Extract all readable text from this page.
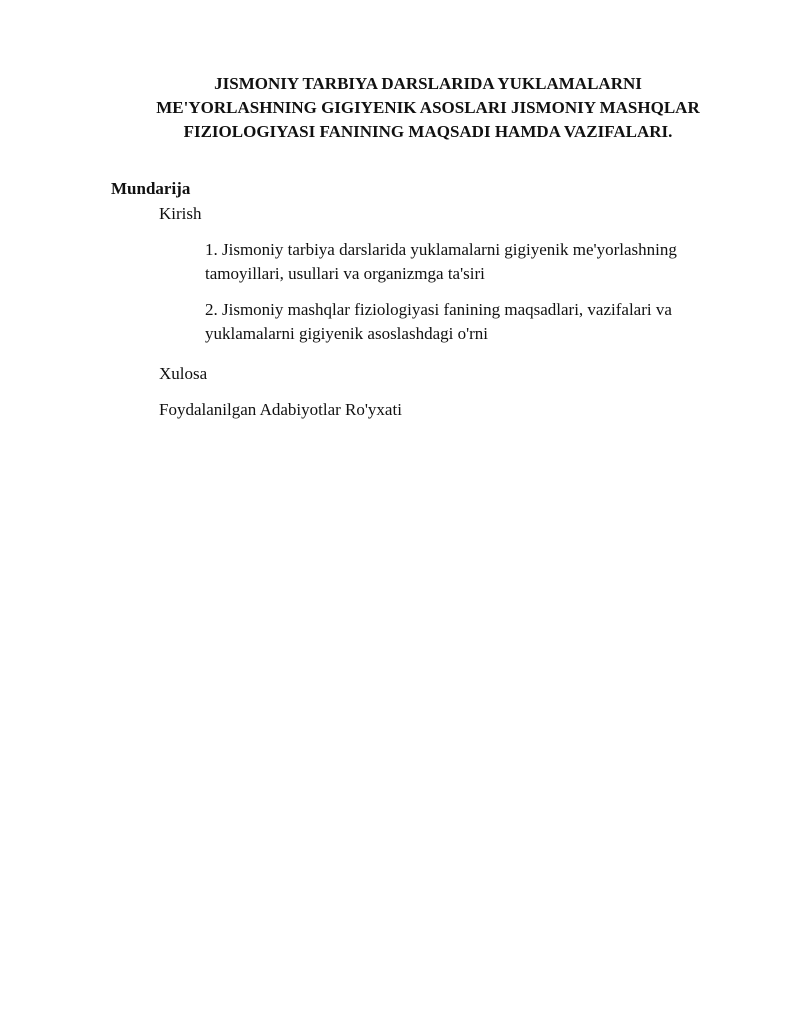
JISMONIY TARBIYA DARSLARIDA YUKLAMALARNI
ME'YORLASHNING GIGIYENIK ASOSLARI JISMONIY MASHQLAR
FIZIOLOGIYASI FANINING MAQSADI HAMDA VAZIFALARI.
Mundarija
Kirish
1. Jismoniy tarbiya darslarida yuklamalarni gigiyenik me'yorlashning
tamoyillari, usullari va organizmga ta'siri
2. Jismoniy mashqlar fiziologiyasi fanining maqsadlari, vazifalari va
yuklamalarni gigiyenik asoslashdagi o'rni
Xulosa
Foydalanilgan Adabiyotlar Ro'yxati
